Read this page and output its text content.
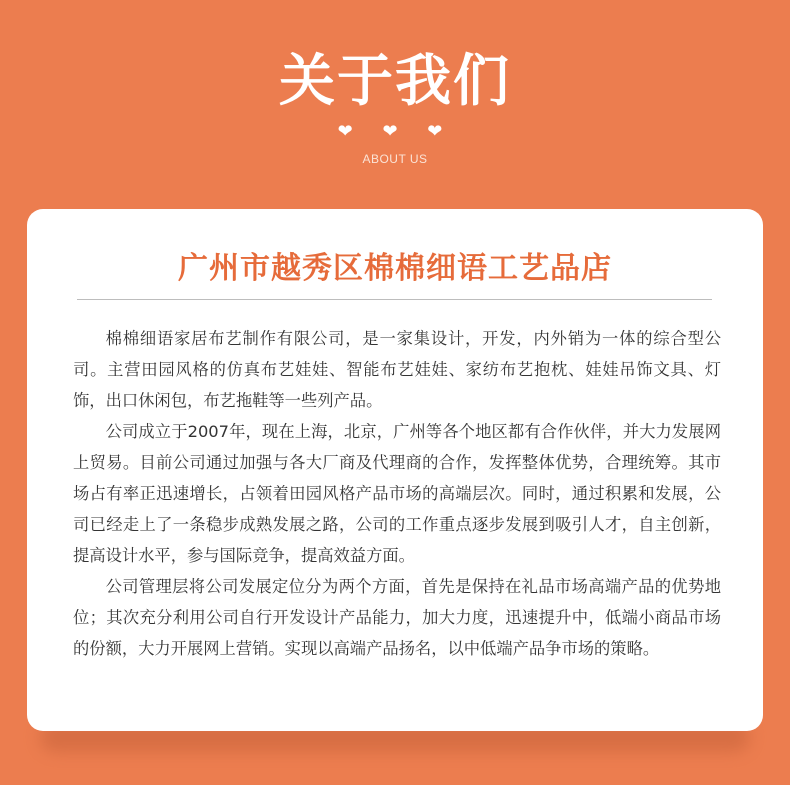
关于我们
❤ ❤ ❤
ABOUT US
广州市越秀区棉棉细语工艺品店

棉棉细语家居布艺制作有限公司，是一家集设计，开发，内外销为一体的综合型公司。主营田园风格的仿真布艺娃娃、智能布艺娃娃、家纺布艺抱枕、娃娃吊饰文具、灯饰，出口休闲包，布艺拖鞋等一些列产品。

公司成立于2007年，现在上海，北京，广州等各个地区都有合作伙伴，并大力发展网上贸易。目前公司通过加强与各大厂商及代理商的合作，发挥整体优势，合理统筹。其市场占有率正迅速增长，占领着田园风格产品市场的高端层次。同时，通过积累和发展，公司已经走上了一条稳步成熟发展之路，公司的工作重点逐步发展到吸引人才，自主创新，提高设计水平，参与国际竞争，提高效益方面。

公司管理层将公司发展定位分为两个方面，首先是保持在礼品市场高端产品的优势地位；其次充分利用公司自行开发设计产品能力，加大力度，迅速提升中，低端小商品市场的份额，大力开展网上营销。实现以高端产品扬名，以中低端产品争市场的策略。
